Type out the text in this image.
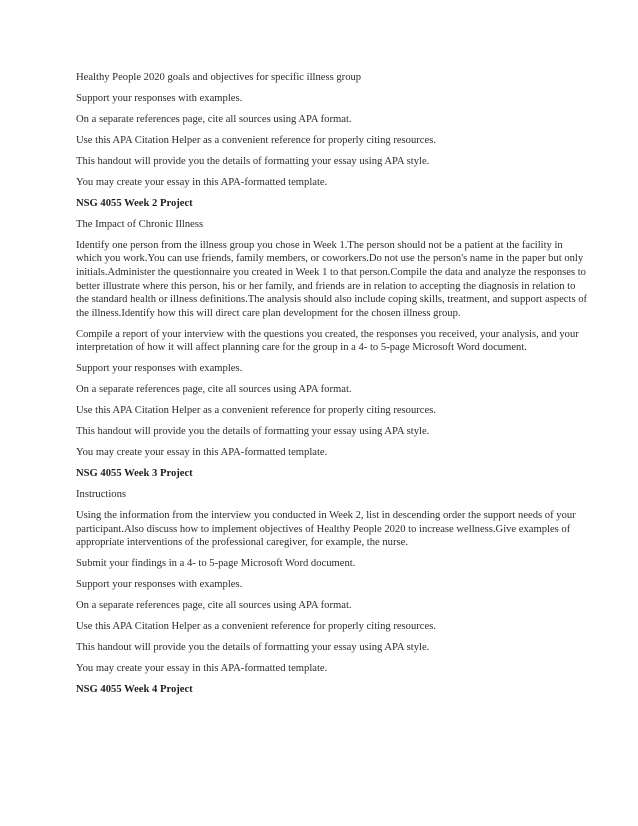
Healthy People 2020 goals and objectives for specific illness group

Support your responses with examples.

On a separate references page, cite all sources using APA format.

Use this APA Citation Helper as a convenient reference for properly citing resources.

This handout will provide you the details of formatting your essay using APA style.

You may create your essay in this APA-formatted template.

NSG 4055 Week 2 Project

The Impact of Chronic Illness

Identify one person from the illness group you chose in Week 1.The person should not be a patient at the facility in which you work.You can use friends, family members, or coworkers.Do not use the person's name in the paper but only initials.Administer the questionnaire you created in Week 1 to that person.Compile the data and analyze the responses to better illustrate where this person, his or her family, and friends are in relation to accepting the diagnosis in relation to the standard health or illness definitions.The analysis should also include coping skills, treatment, and support aspects of the illness.Identify how this will direct care plan development for the chosen illness group.

Compile a report of your interview with the questions you created, the responses you received, your analysis, and your interpretation of how it will affect planning care for the group in a 4- to 5-page Microsoft Word document.

Support your responses with examples.

On a separate references page, cite all sources using APA format.

Use this APA Citation Helper as a convenient reference for properly citing resources.

This handout will provide you the details of formatting your essay using APA style.

You may create your essay in this APA-formatted template.

NSG 4055 Week 3 Project

Instructions

Using the information from the interview you conducted in Week 2, list in descending order the support needs of your participant.Also discuss how to implement objectives of Healthy People 2020 to increase wellness.Give examples of appropriate interventions of the professional caregiver, for example, the nurse.

Submit your findings in a 4- to 5-page Microsoft Word document.

Support your responses with examples.

On a separate references page, cite all sources using APA format.

Use this APA Citation Helper as a convenient reference for properly citing resources.

This handout will provide you the details of formatting your essay using APA style.

You may create your essay in this APA-formatted template.

NSG 4055 Week 4 Project
